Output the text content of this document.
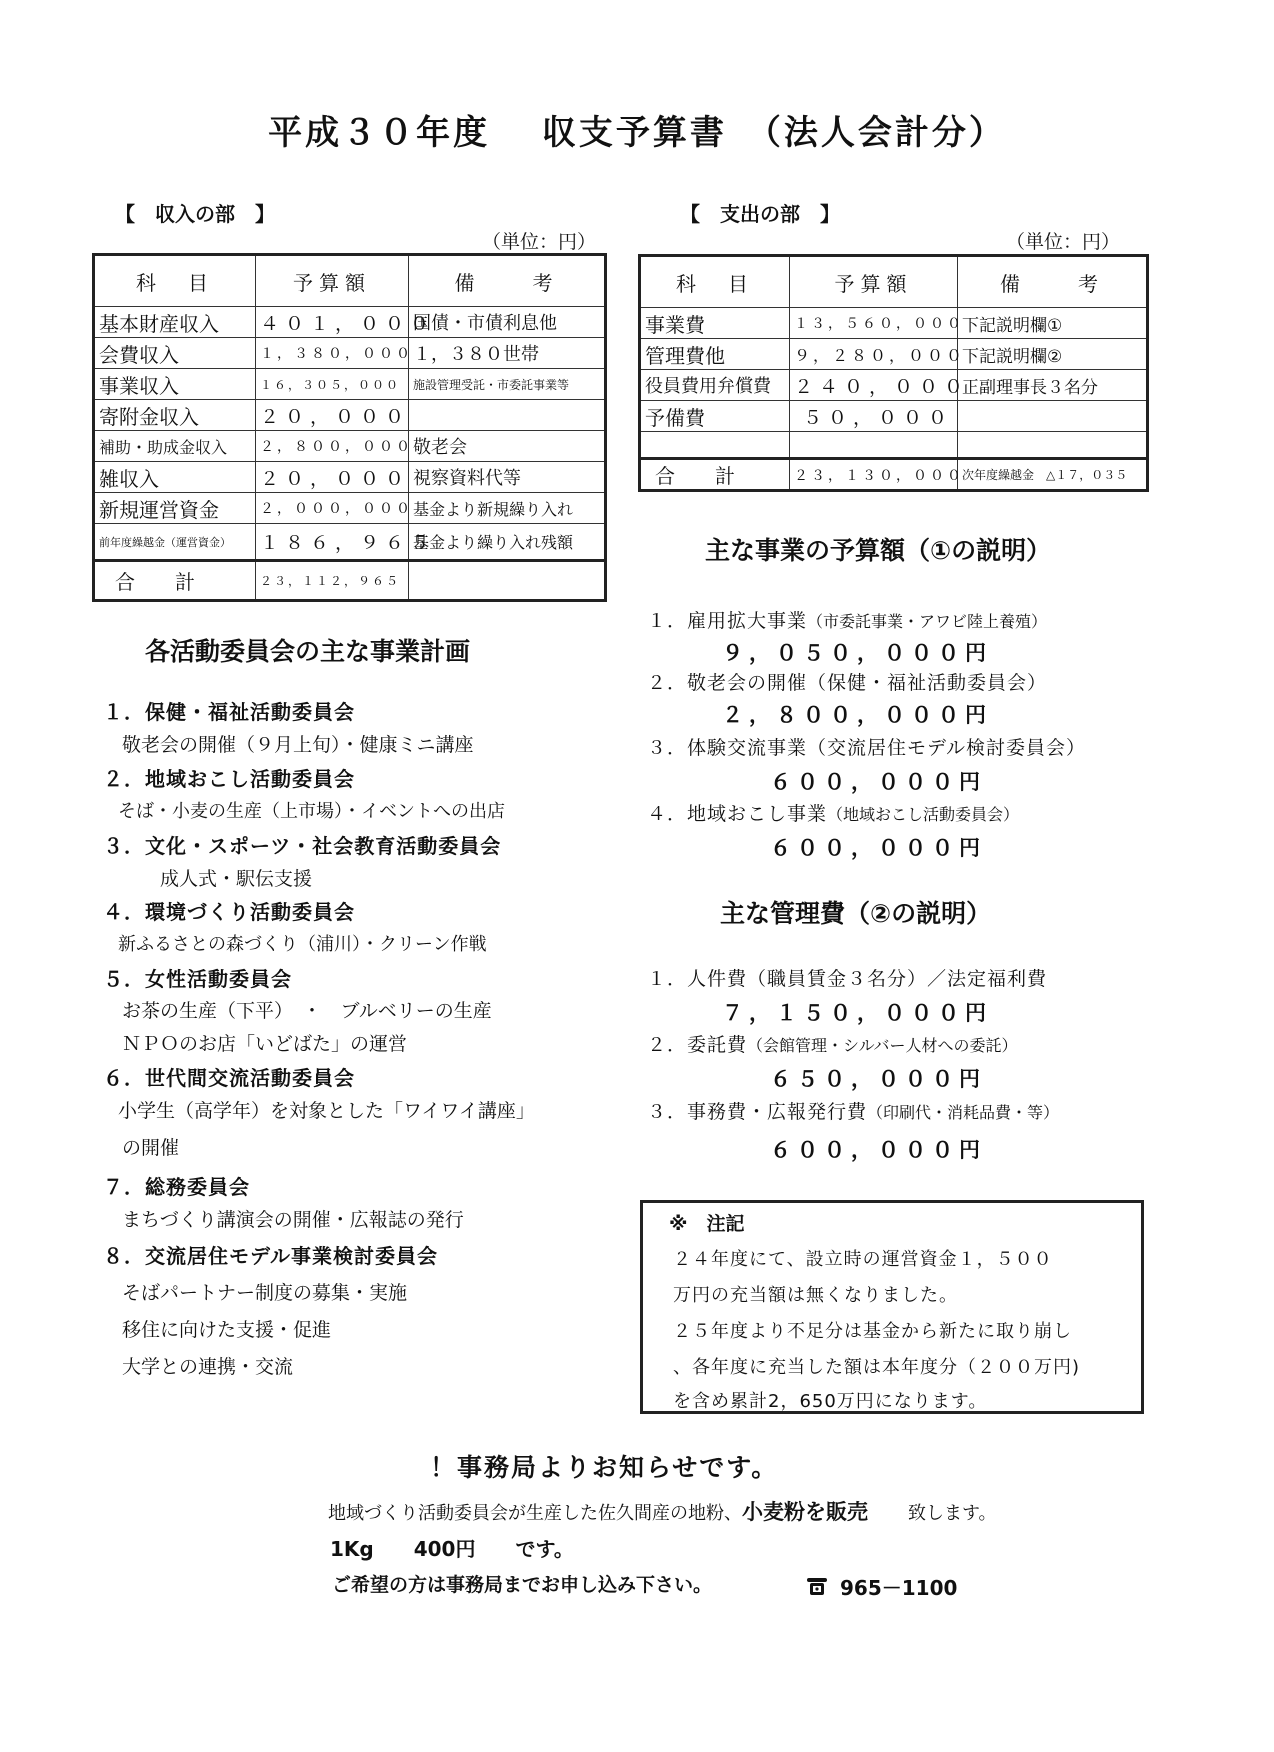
平成３０年度　 収支予算書　（法人会計分）
【　収入の部　】
（単位：円）
科　目	予算額	備　　考
基本財産収入	４０１，０００	国債・市債利息他
会費収入	１，３８０，０００	１，３８０世帯
事業収入	１６，３０５，０００	施設管理受託・市委託事業等
寄附金収入	２０，０００	
補助・助成金収入	２，８００，０００	敬老会
雑収入	２０，０００	視察資料代等
新規運営資金	２，０００，０００	基金より新規繰り入れ
前年度繰越金（運営資金）	１８６，９６５	基金より繰り入れ残額
合計	２３，１１２，９６５	
【　支出の部　】
（単位：円）
科　目	予算額	備　　考
事業費	１３，５６０，０００	下記説明欄①
管理費他	９，２８０，０００	下記説明欄②
役員費用弁償費	２４０，０００	正副理事長３名分
予備費	５０，０００	

合計	２３，１３０，０００	次年度繰越金　△１７，０３５
各活動委員会の主な事業計画
１．保健・福祉活動委員会
敬老会の開催（９月上旬）・健康ミニ講座
２．地域おこし活動委員会
そば・小麦の生産（上市場）・イベントへの出店
３．文化・スポーツ・社会教育活動委員会
成人式・駅伝支援
４．環境づくり活動委員会
新ふるさとの森づくり（浦川）・クリーン作戦
５．女性活動委員会
お茶の生産（下平）　・　ブルベリーの生産
ＮＰＯのお店「いどばた」の運営
６．世代間交流活動委員会
小学生（高学年）を対象とした「ワイワイ講座」
の開催
７．総務委員会
まちづくり講演会の開催・広報誌の発行
８．交流居住モデル事業検討委員会
そばパートナー制度の募集・実施
移住に向けた支援・促進
大学との連携・交流
主な事業の予算額（①の説明）
１．雇用拡大事業（市委託事業・アワビ陸上養殖）
９，０５０，０００円
２．敬老会の開催（保健・福祉活動委員会）
２，８００，０００円
３．体験交流事業（交流居住モデル検討委員会）
６００，０００円
４．地域おこし事業（地域おこし活動委員会）
６００，０００円
主な管理費（②の説明）
１．人件費（職員賃金３名分）／法定福利費
７，１５０，０００円
２．委託費（会館管理・シルバー人材への委託）
６５０，０００円
３．事務費・広報発行費（印刷代・消耗品費・等）
６００，０００円
※　注記
２４年度にて、設立時の運営資金１，５００
万円の充当額は無くなりました。
２５年度より不足分は基金から新たに取り崩し
、各年度に充当した額は本年度分（２００万円)
を含め累計2，650万円になります。
！事務局よりお知らせです。
地域づくり活動委員会が生産した佐久間産の地粉、小麦粉を販売 致します。
1Kg　　400円　　です。
ご希望の方は事務局までお申し込み下さい。	965－1100
